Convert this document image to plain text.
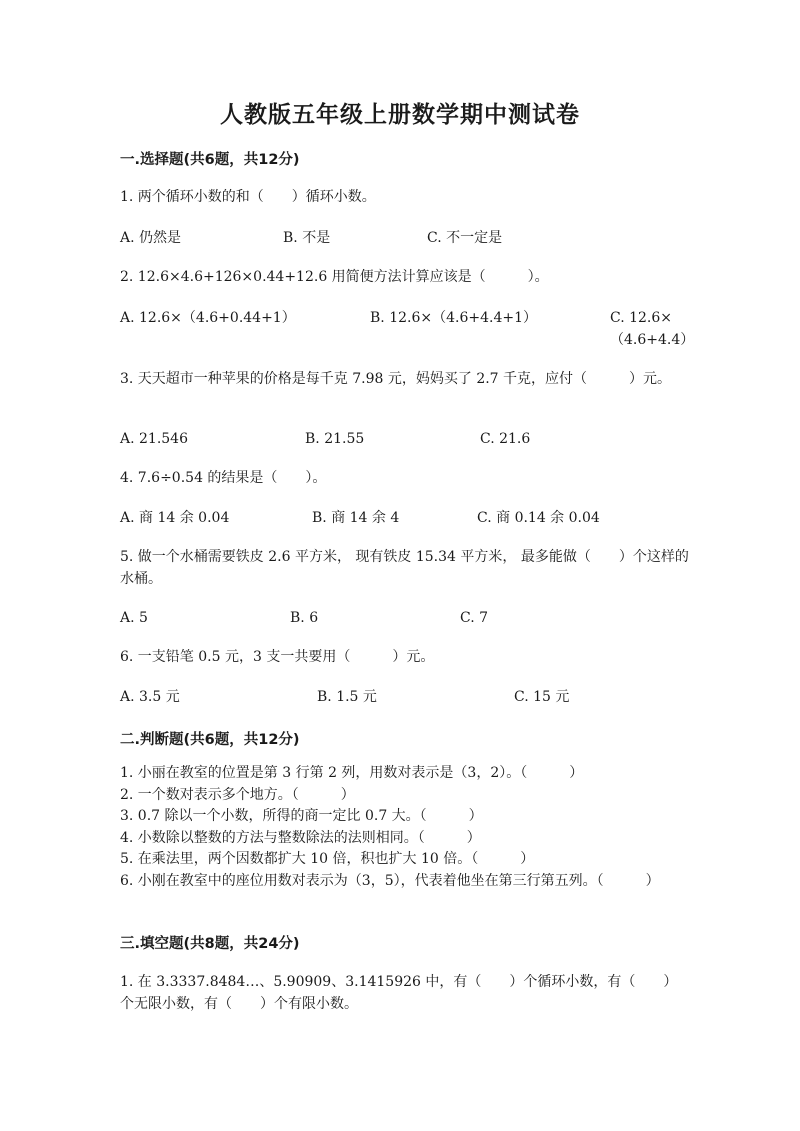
人教版五年级上册数学期中测试卷
一.选择题(共6题，共12分)
1. 两个循环小数的和（　　）循环小数。
A. 仍然是	B. 不是	C. 不一定是
2. 12.6×4.6+126×0.44+12.6 用简便方法计算应该是（　　　）。
A. 12.6×（4.6+0.44+1）	B. 12.6×（4.6+4.4+1）	C. 12.6×（4.6+4.4）
3. 天天超市一种苹果的价格是每千克 7.98 元，妈妈买了 2.7 千克，应付（　　　）元。
A. 21.546	B. 21.55	C. 21.6
4. 7.6÷0.54 的结果是（　　）。
A. 商 14 余 0.04	B. 商 14 余 4	C. 商 0.14 余 0.04
5. 做一个水桶需要铁皮 2.6 平方米， 现有铁皮 15.34 平方米， 最多能做（　　）个这样的水桶。
A. 5	B. 6	C. 7
6. 一支铅笔 0.5 元，3 支一共要用（　　　）元。
A. 3.5 元	B. 1.5 元	C. 15 元
二.判断题(共6题，共12分)
1. 小丽在教室的位置是第 3 行第 2 列，用数对表示是（3，2）。（　　　）
2. 一个数对表示多个地方。（　　　）
3. 0.7 除以一个小数，所得的商一定比 0.7 大。（　　　）
4. 小数除以整数的方法与整数除法的法则相同。（　　　）
5. 在乘法里，两个因数都扩大 10 倍，积也扩大 10 倍。（　　　）
6. 小刚在教室中的座位用数对表示为（3，5），代表着他坐在第三行第五列。（　　　）
三.填空题(共8题，共24分)
1. 在 3.3337.8484…、5.90909、3.1415926 中，有（　　）个循环小数，有（　　）个无限小数，有（　　）个有限小数。
